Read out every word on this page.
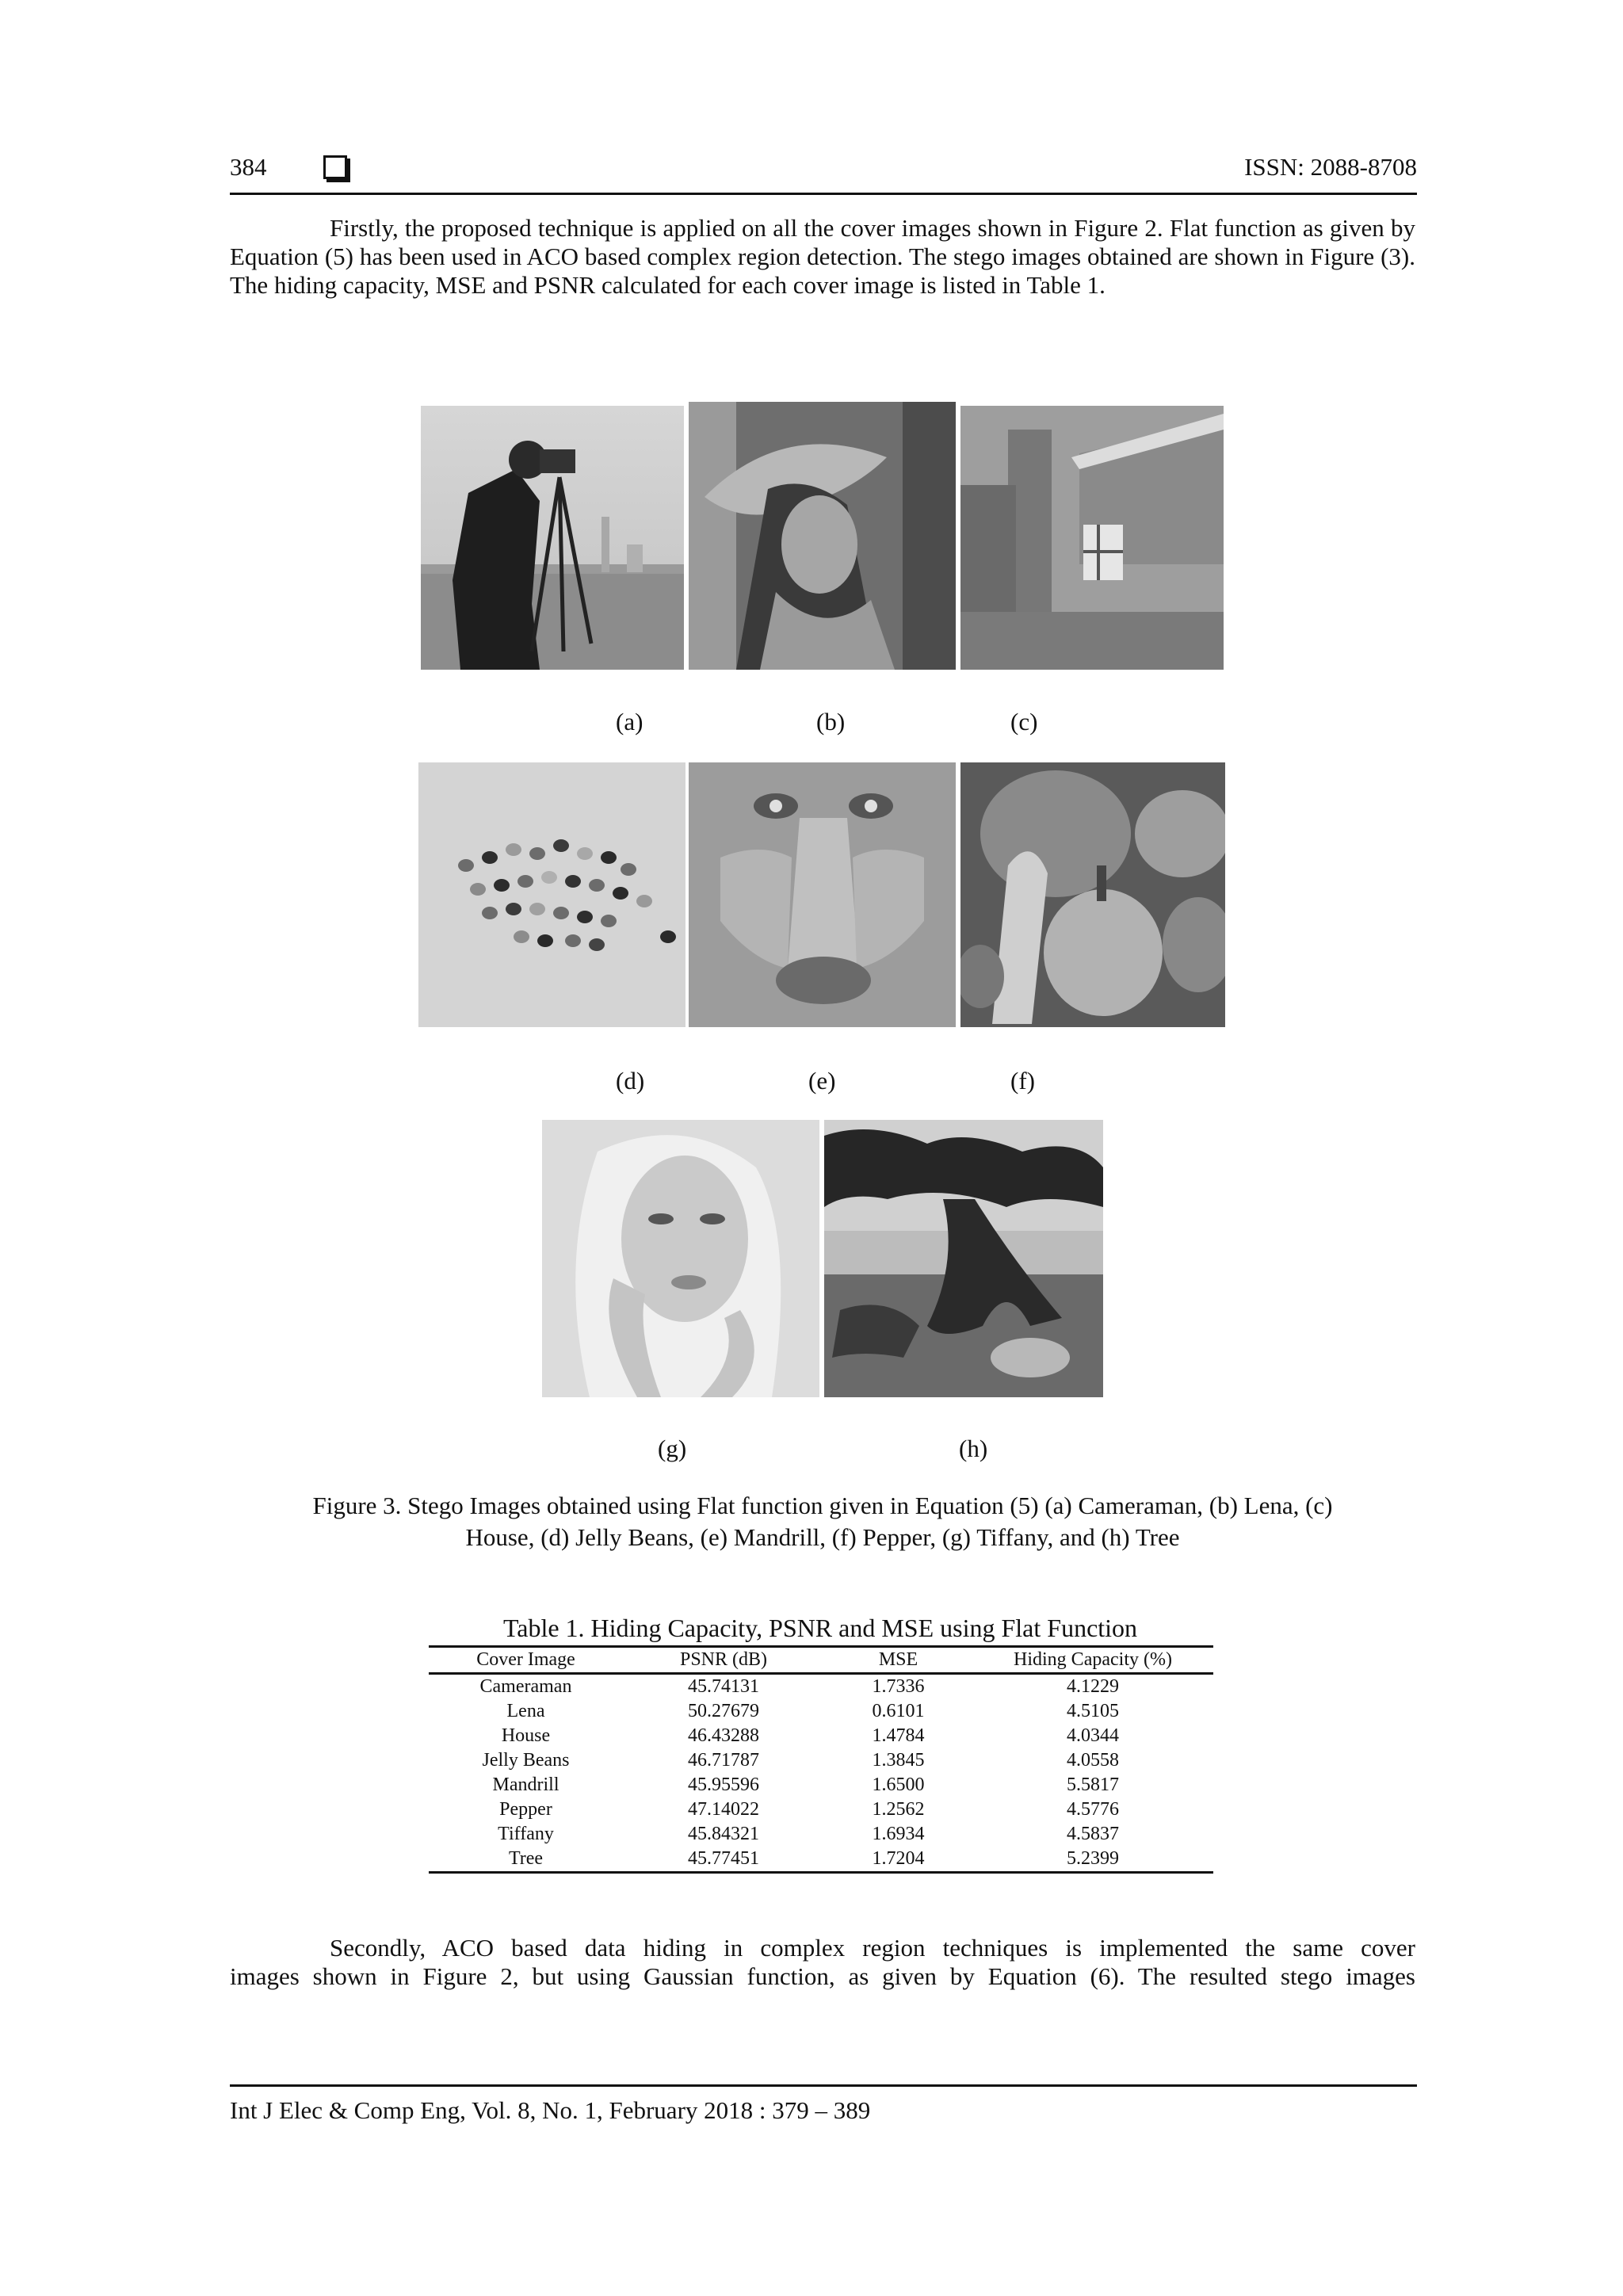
384	ISSN: 2088-8708

Firstly, the proposed technique is applied on all the cover images shown in Figure 2. Flat function as given by Equation (5) has been used in ACO based complex region detection. The stego images obtained are shown in Figure (3). The hiding capacity, MSE and PSNR calculated for each cover image is listed in Table 1.

(a)	(b)	(c)
(d)	(e)	(f)
(g)	(h)
Figure 3. Stego Images obtained using Flat function given in Equation (5) (a) Cameraman, (b) Lena, (c)
House, (d) Jelly Beans, (e) Mandrill, (f) Pepper, (g) Tiffany, and (h) Tree
Table 1. Hiding Capacity, PSNR and MSE using Flat Function
Cover Image	PSNR (dB)	MSE	Hiding Capacity (%)
Cameraman	45.74131	1.7336	4.1229
Lena	50.27679	0.6101	4.5105
House	46.43288	1.4784	4.0344
Jelly Beans	46.71787	1.3845	4.0558
Mandrill	45.95596	1.6500	5.5817
Pepper	47.14022	1.2562	4.5776
Tiffany	45.84321	1.6934	4.5837
Tree	45.77451	1.7204	5.2399

Secondly, ACO based data hiding in complex region techniques is implemented the same cover

images shown in Figure 2, but using Gaussian function, as given by Equation (6). The resulted stego images

Int J Elec & Comp Eng, Vol. 8, No. 1, February 2018 : 379 – 389
